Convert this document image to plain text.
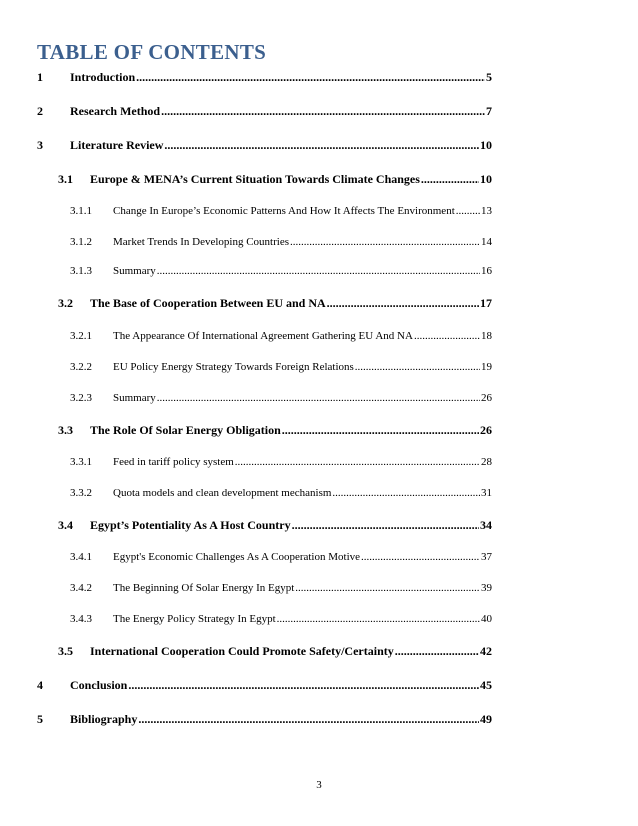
TABLE OF CONTENTS
1	Introduction .....	5
2	Research Method .....	7
3	Literature Review .....	10
3.1	Europe & MENA’s Current Situation Towards Climate Changes .....	10
3.1.1	Change In Europe’s Economic Patterns And How It Affects The Environment ..... 13
3.1.2	Market Trends In Developing Countries .....	14
3.1.3	Summary .....	16
3.2	The Base of Cooperation Between EU and NA .....	17
3.2.1	The Appearance Of International Agreement Gathering EU And NA .....	18
3.2.2	EU Policy Energy Strategy Towards Foreign Relations .....	19
3.2.3	Summary .....	26
3.3	The Role Of Solar Energy Obligation .....	26
3.3.1	Feed in tariff policy system .....	28
3.3.2	Quota models and clean development mechanism .....	31
3.4	Egypt’s Potentiality As A Host Country .....	34
3.4.1	Egypt's Economic Challenges As A Cooperation Motive .....	37
3.4.2	The Beginning Of Solar Energy In Egypt .....	39
3.4.3	The Energy Policy Strategy In Egypt .....	40
3.5	International Cooperation Could Promote Safety/Certainty .....	42
4	Conclusion .....	45
5	Bibliography .....	49
3
